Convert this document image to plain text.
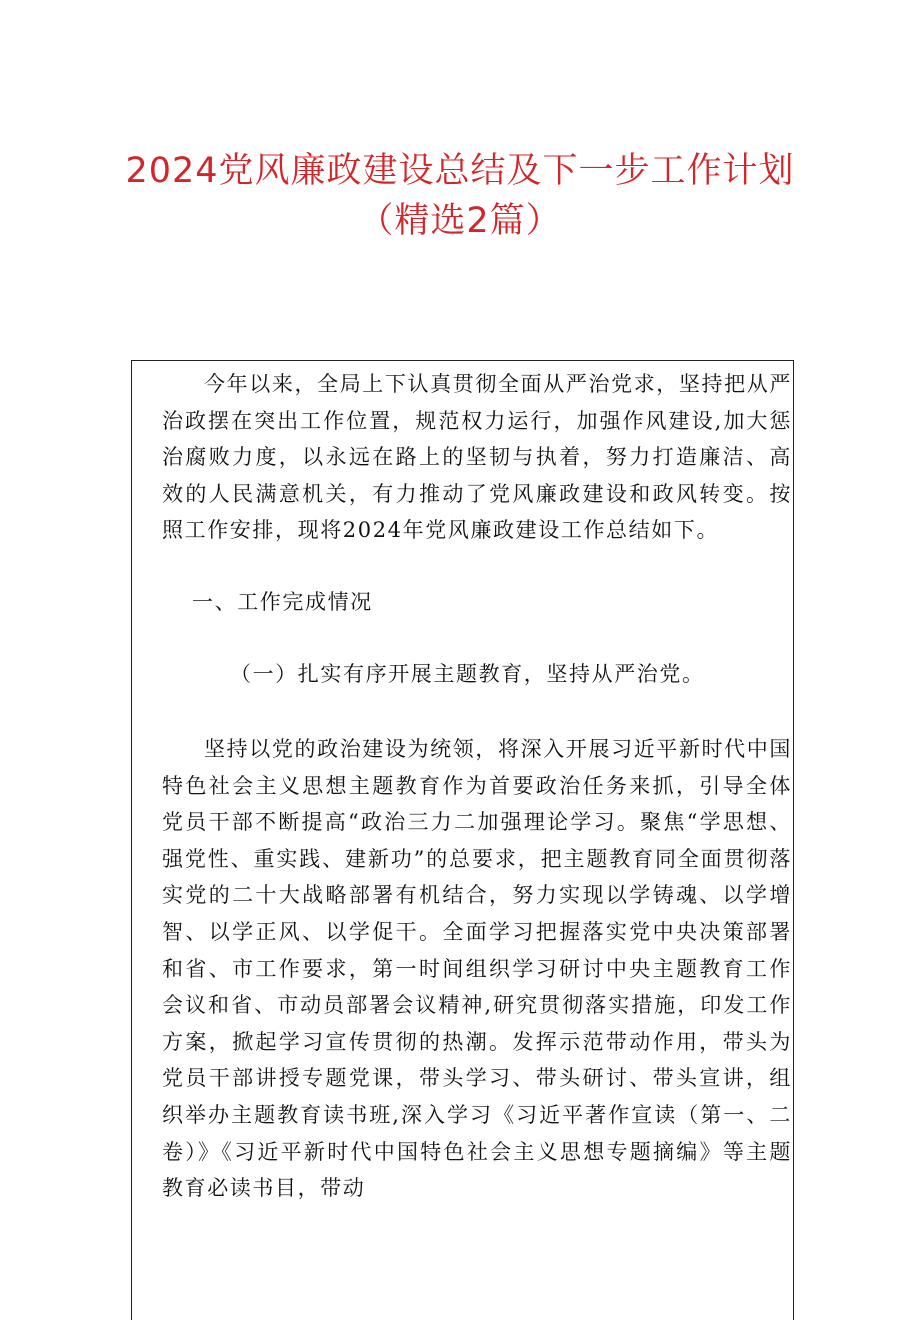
2024党风廉政建设总结及下一步工作计划（精选2篇）

今年以来，全局上下认真贯彻全面从严治党求，坚持把从严治政摆在突出工作位置，规范权力运行，加强作风建设,加大惩治腐败力度，以永远在路上的坚韧与执着，努力打造廉洁、高效的人民满意机关，有力推动了党风廉政建设和政风转变。按照工作安排，现将2024年党风廉政建设工作总结如下。

一、工作完成情况

（一）扎实有序开展主题教育，坚持从严治党。

坚持以党的政治建设为统领，将深入开展习近平新时代中国特色社会主义思想主题教育作为首要政治任务来抓，引导全体党员干部不断提高“政治三力二加强理论学习。聚焦“学思想、强党性、重实践、建新功”的总要求，把主题教育同全面贯彻落实党的二十大战略部署有机结合，努力实现以学铸魂、以学增智、以学正风、以学促干。全面学习把握落实党中央决策部署和省、市工作要求，第一时间组织学习研讨中央主题教育工作会议和省、市动员部署会议精神,研究贯彻落实措施，印发工作方案，掀起学习宣传贯彻的热潮。发挥示范带动作用，带头为党员干部讲授专题党课，带头学习、带头研讨、带头宣讲，组织举办主题教育读书班,深入学习《习近平著作宣读（第一、二卷）》《习近平新时代中国特色社会主义思想专题摘编》等主题教育必读书目，带动
